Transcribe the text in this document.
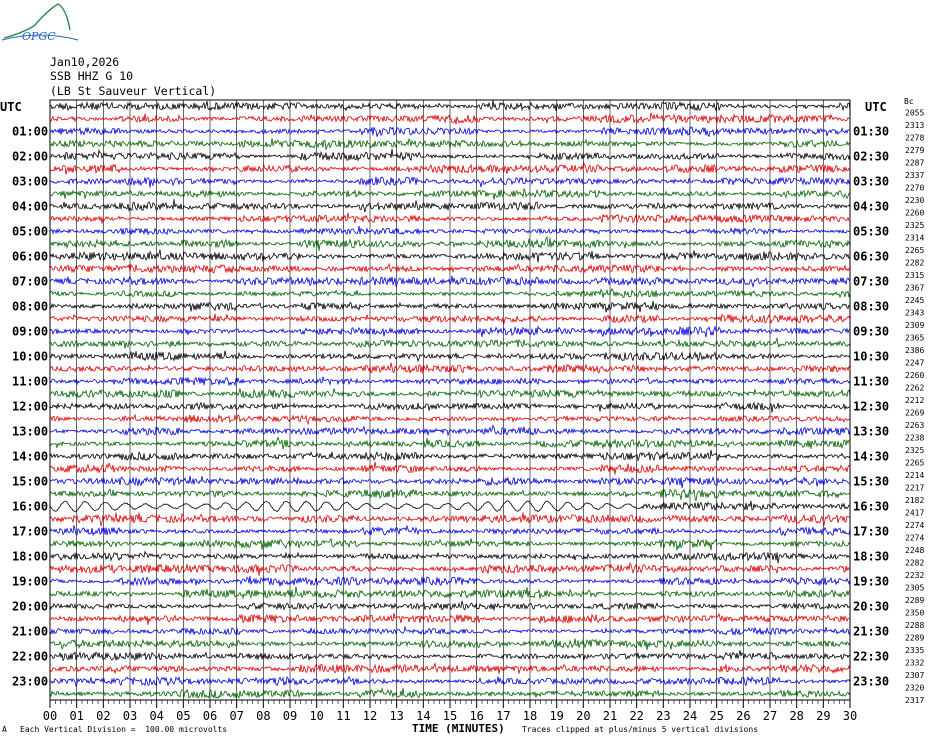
OPGC
Jan10,2026
SSB HHZ G 10
(LB St Sauveur Vertical)
00 01 02 03 04 05 06 07 08 09 10 11 12 13 14 15 16 17 18 19 20 21 22 23 24 25 26 27 28 29 30
UTC	UTC Bc
01:00
02:00
03:00
04:00
05:00
06:00
07:00
08:00
09:00
10:00
11:00
12:00
13:00
14:00
15:00
16:00
17:00
18:00
19:00
20:00
21:00
22:00
23:00
01:30
02:30
03:30
04:30
05:30
06:30
07:30
08:30
09:30
10:30
11:30
12:30
13:30
14:30
15:30
16:30
17:30
18:30
19:30
20:30
21:30
22:30
23:30
2055
2313
2278
2279
2287
2337
2270
2230
2260
2325
2314
2265
2282
2315
2367
2245
2343
2309
2365
2386
2247
2260
2262
2212
2269
2263
2238
2325
2265
2214
2217
2182
2417
2274
2274
2248
2282
2232
2305
2289
2350
2288
2289
2335
2332
2307
2320
2317
A Each Vertical Division =  100.00 microvolts	TIME (MINUTES) Traces clipped at plus/minus 5 vertical divisions
